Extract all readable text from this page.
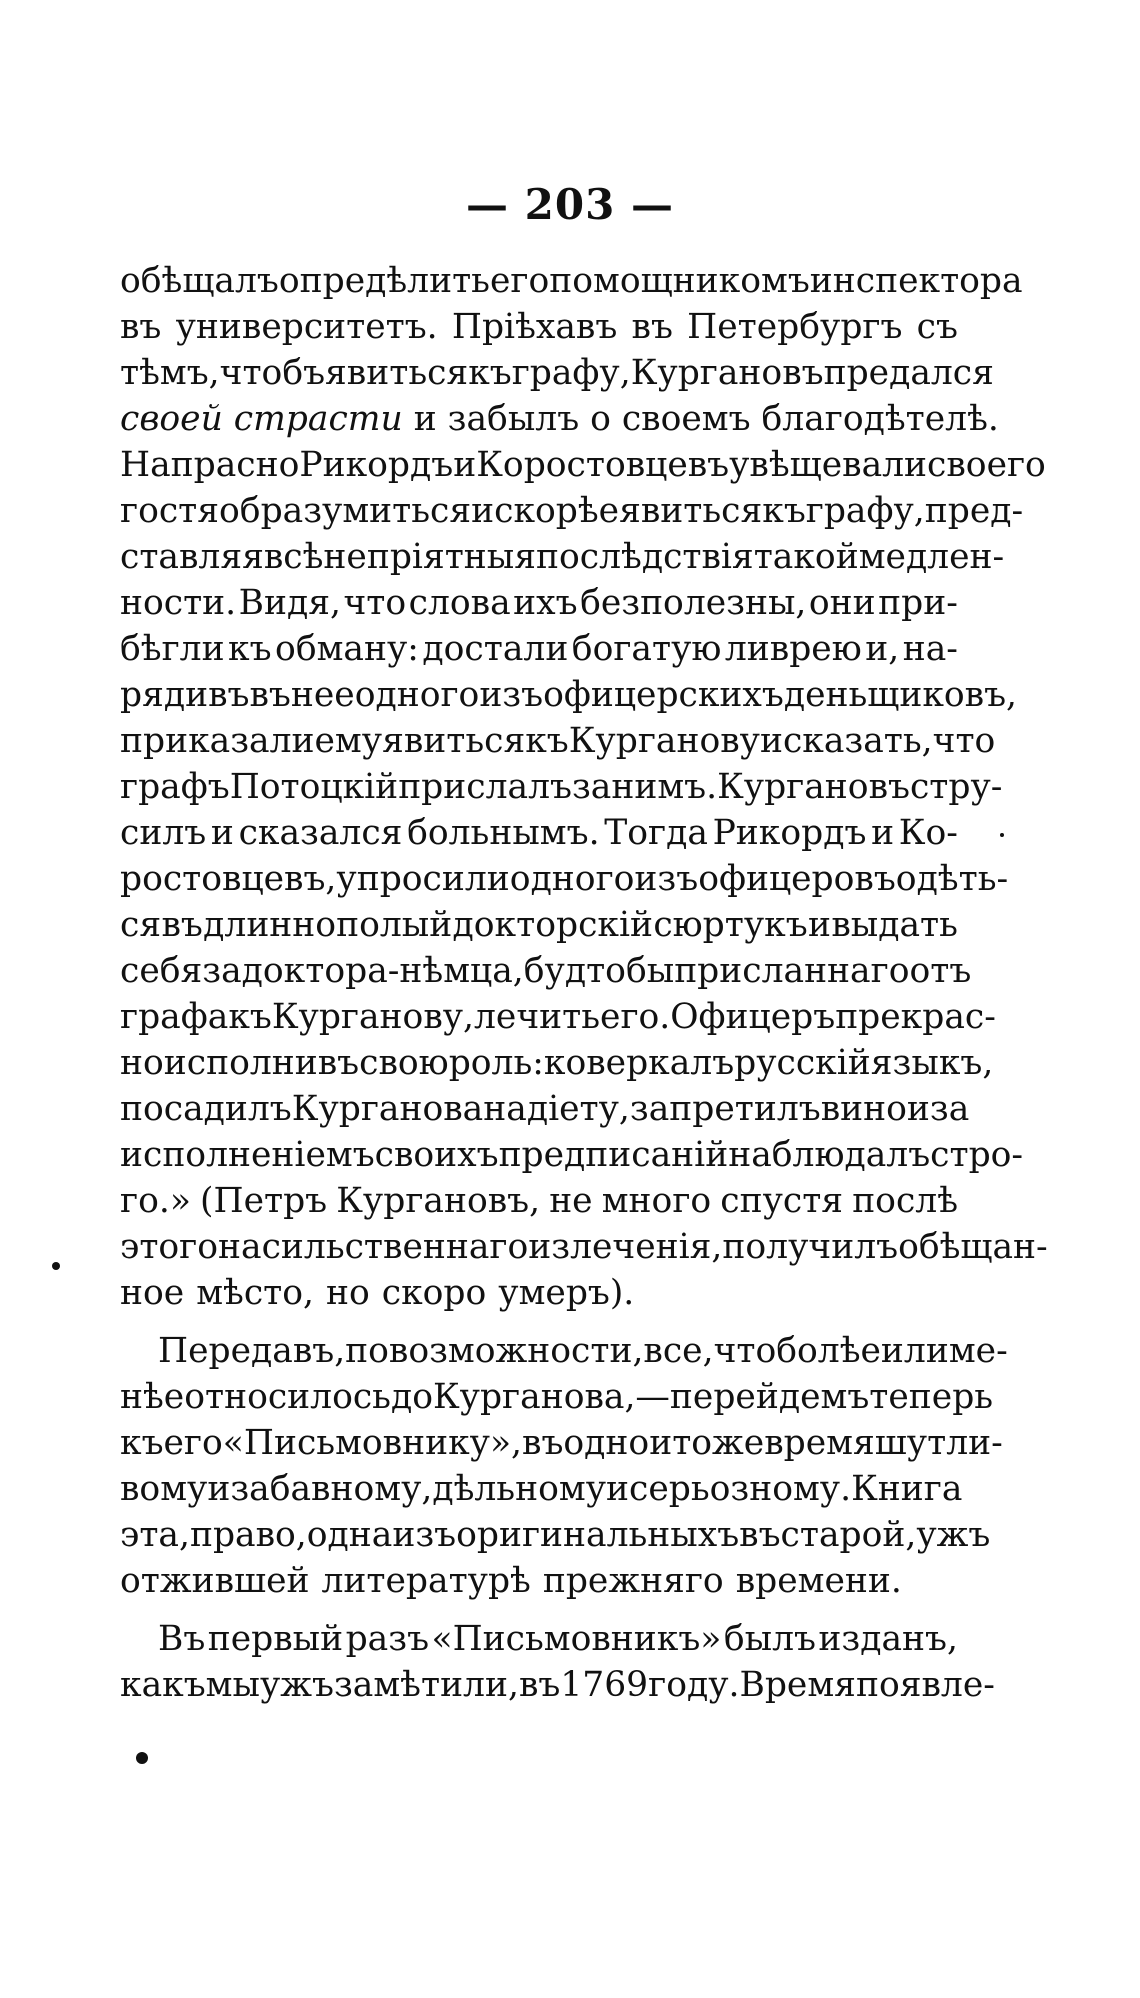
— 203 —
обѣщалъ опредѣлить его помощникомъ инспектора
въ университетъ. Пріѣхавъ въ Петербургъ съ
тѣмъ, чтобъ явиться къ графу, Кургановъ предался
своей страсти и забылъ о своемъ благодѣтелѣ.
Напрасно Рикордъ и Коростовцевъ увѣщевали своего
гостя образумиться и скорѣе явиться къ графу, пред-
ставляя всѣ непріятныя послѣдствія такой медлен-
ности. Видя, что слова ихъ безполезны, они при-
бѣгли къ обману: достали богатую ливрею и, на-
рядивъ въ нее одного изъ офицерскихъ деньщиковъ,
приказали ему явиться къ Курганову и сказать, что
графъ Потоцкій прислалъ за нимъ. Кургановъ стру-
силъ и сказался больнымъ. Тогда Рикордъ и Ко-
ростовцевъ, упросили одного изъ офицеровъ одѣть-
ся въ длиннополый докторскій сюртукъ и выдать
себя за доктора-нѣмца, будто бы присланнаго отъ
графа къ Курганову, лечить его. Офицеръ прекрас-
но исполнивъ свою роль: коверкалъ русскій языкъ,
посадилъ Курганова на діету, запретилъ вино и за
исполненіемъ своихъ предписаній наблюдалъ стро-
го.» (Петръ Кургановъ, не много спустя послѣ
этого насильственнаго излеченія, получилъ обѣщан-
ное мѣсто, но скоро умеръ).
Передавъ, по возможности, все, что болѣе или ме-
нѣе относилось до Курганова, — перейдемъ теперь
къ его «Письмовнику», въ одно и тоже время шутли-
вому и забавному, дѣльному и серьозному. Книга
эта, право, одна изъ оригинальныхъ въ старой, ужъ
отжившей литературѣ прежняго времени.
Въ первый разъ «Письмовникъ» былъ изданъ,
какъ мы ужъ замѣтили, въ 1769 году. Время появле-
